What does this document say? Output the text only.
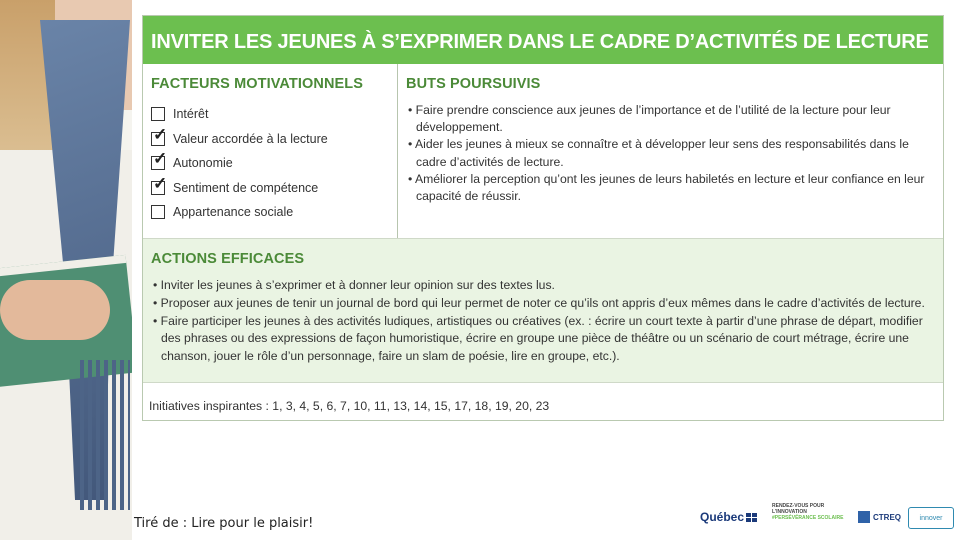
INVITER LES JEUNES À S’EXPRIMER DANS LE CADRE D’ACTIVITÉS DE LECTURE
FACTEURS MOTIVATIONNELS
Intérêt
✓ Valeur accordée à la lecture
✓ Autonomie
✓ Sentiment de compétence
Appartenance sociale
BUTS POURSUIVIS
• Faire prendre conscience aux jeunes de l’importance et de l’utilité de la lecture pour leur développement.
• Aider les jeunes à mieux se connaître et à développer leur sens des responsabilités dans le cadre d’activités de lecture.
• Améliorer la perception qu’ont les jeunes de leurs habiletés en lecture et leur confiance en leur capacité de réussir.
ACTIONS EFFICACES
• Inviter les jeunes à s’exprimer et à donner leur opinion sur des textes lus.
• Proposer aux jeunes de tenir un journal de bord qui leur permet de noter ce qu’ils ont appris d’eux mêmes dans le cadre d’activités de lecture.
• Faire participer les jeunes à des activités ludiques, artistiques ou créatives (ex. : écrire un court texte à partir d’une phrase de départ, modifier des phrases ou des expressions de façon humoristique, écrire en groupe une pièce de théâtre ou un scénario de court métrage, écrire une chanson, jouer le rôle d’un personnage, faire un slam de poésie, lire en groupe, etc.).
Initiatives inspirantes : 1, 3, 4, 5, 6, 7, 10, 11, 13, 14, 15, 17, 18, 19, 20, 23
Tiré de : Lire pour le plaisir!	Québec
RENDEZ-VOUS POUR L’INNOVATION
#PERSÉVÉRANCE SCOLAIRE	CTREQ	innover
